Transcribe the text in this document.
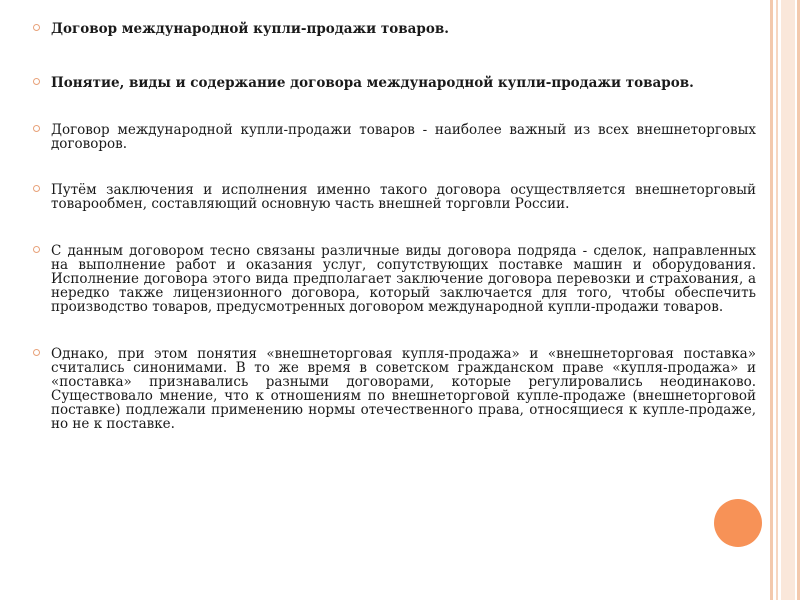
Договор международной купли-продажи товаров.
Понятие, виды и содержание договора международной купли-продажи товаров.
Договор международной купли-продажи товаров - наиболее важный из всех внешнеторговых договоров.
Путём заключения и исполнения именно такого договора осуществляется внешнеторговый товарообмен, составляющий основную часть внешней торговли России.
С данным договором тесно связаны различные виды договора подряда - сделок, направленных на выполнение работ и оказания услуг, сопутствующих поставке машин и оборудования. Исполнение договора этого вида предполагает заключение договора перевозки и страхования, а нередко также лицензионного договора, который заключается для того, чтобы обеспечить производство товаров, предусмотренных договором международной купли-продажи товаров.
Однако, при этом понятия «внешнеторговая купля-продажа» и «внешнеторговая поставка» считались синонимами. В то же время в советском гражданском праве «купля-продажа» и «поставка» признавались разными договорами, которые регулировались неодинаково. Существовало мнение, что к отношениям по внешнеторговой купле-продаже (внешнеторговой поставке) подлежали применению нормы отечественного права, относящиеся к купле-продаже, но не к поставке.
